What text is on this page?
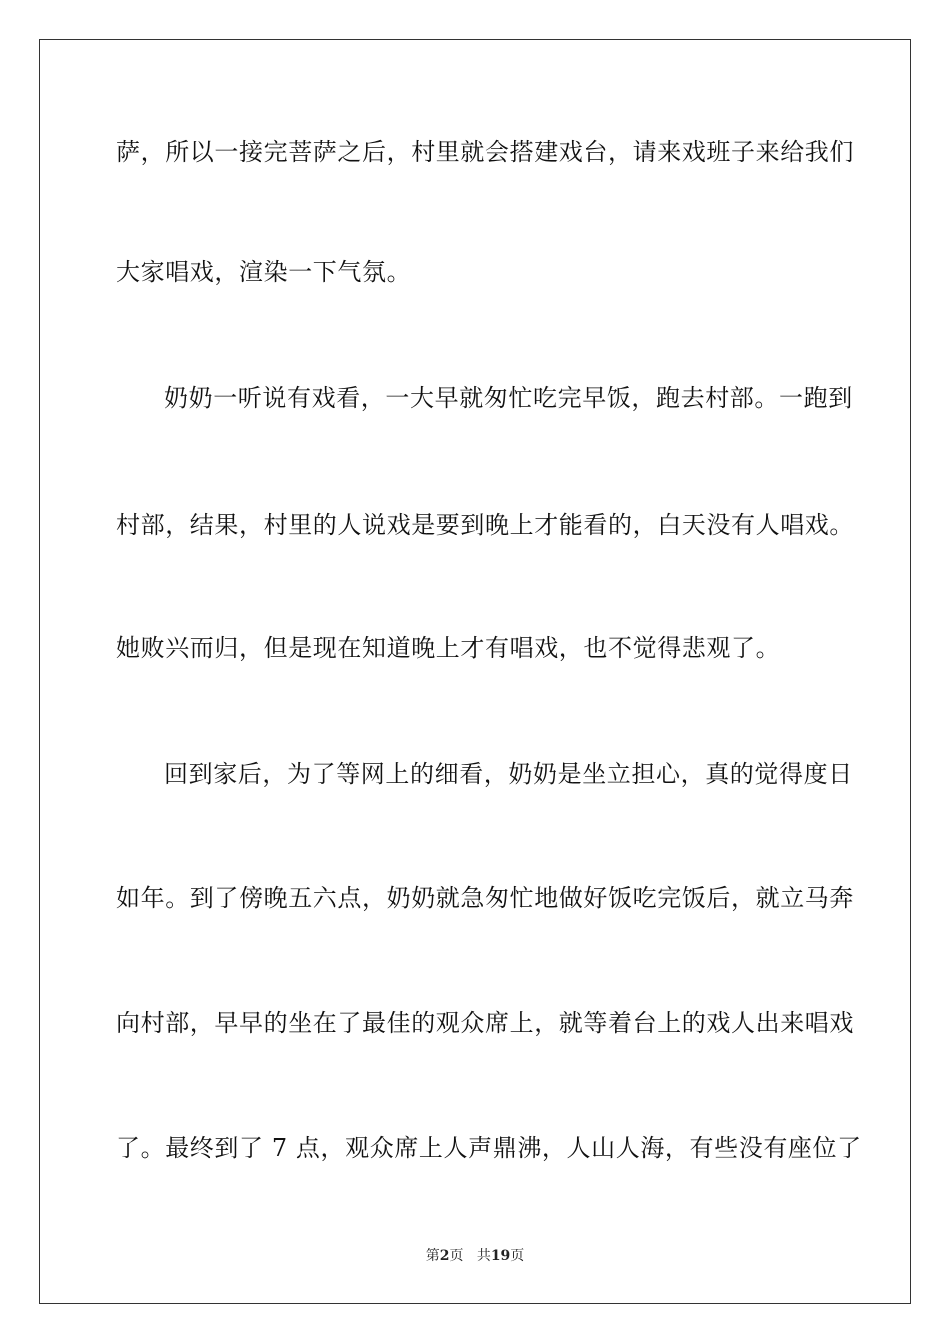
萨，所以一接完菩萨之后，村里就会搭建戏台，请来戏班子来给我们
大家唱戏，渲染一下气氛。
奶奶一听说有戏看，一大早就匆忙吃完早饭，跑去村部。一跑到
村部，结果，村里的人说戏是要到晚上才能看的，白天没有人唱戏。
她败兴而归，但是现在知道晚上才有唱戏，也不觉得悲观了。
回到家后，为了等网上的细看，奶奶是坐立担心，真的觉得度日
如年。到了傍晚五六点，奶奶就急匆忙地做好饭吃完饭后，就立马奔
向村部，早早的坐在了最佳的观众席上，就等着台上的戏人出来唱戏
了。最终到了 7 点，观众席上人声鼎沸，人山人海，有些没有座位了
第2页 共19页
